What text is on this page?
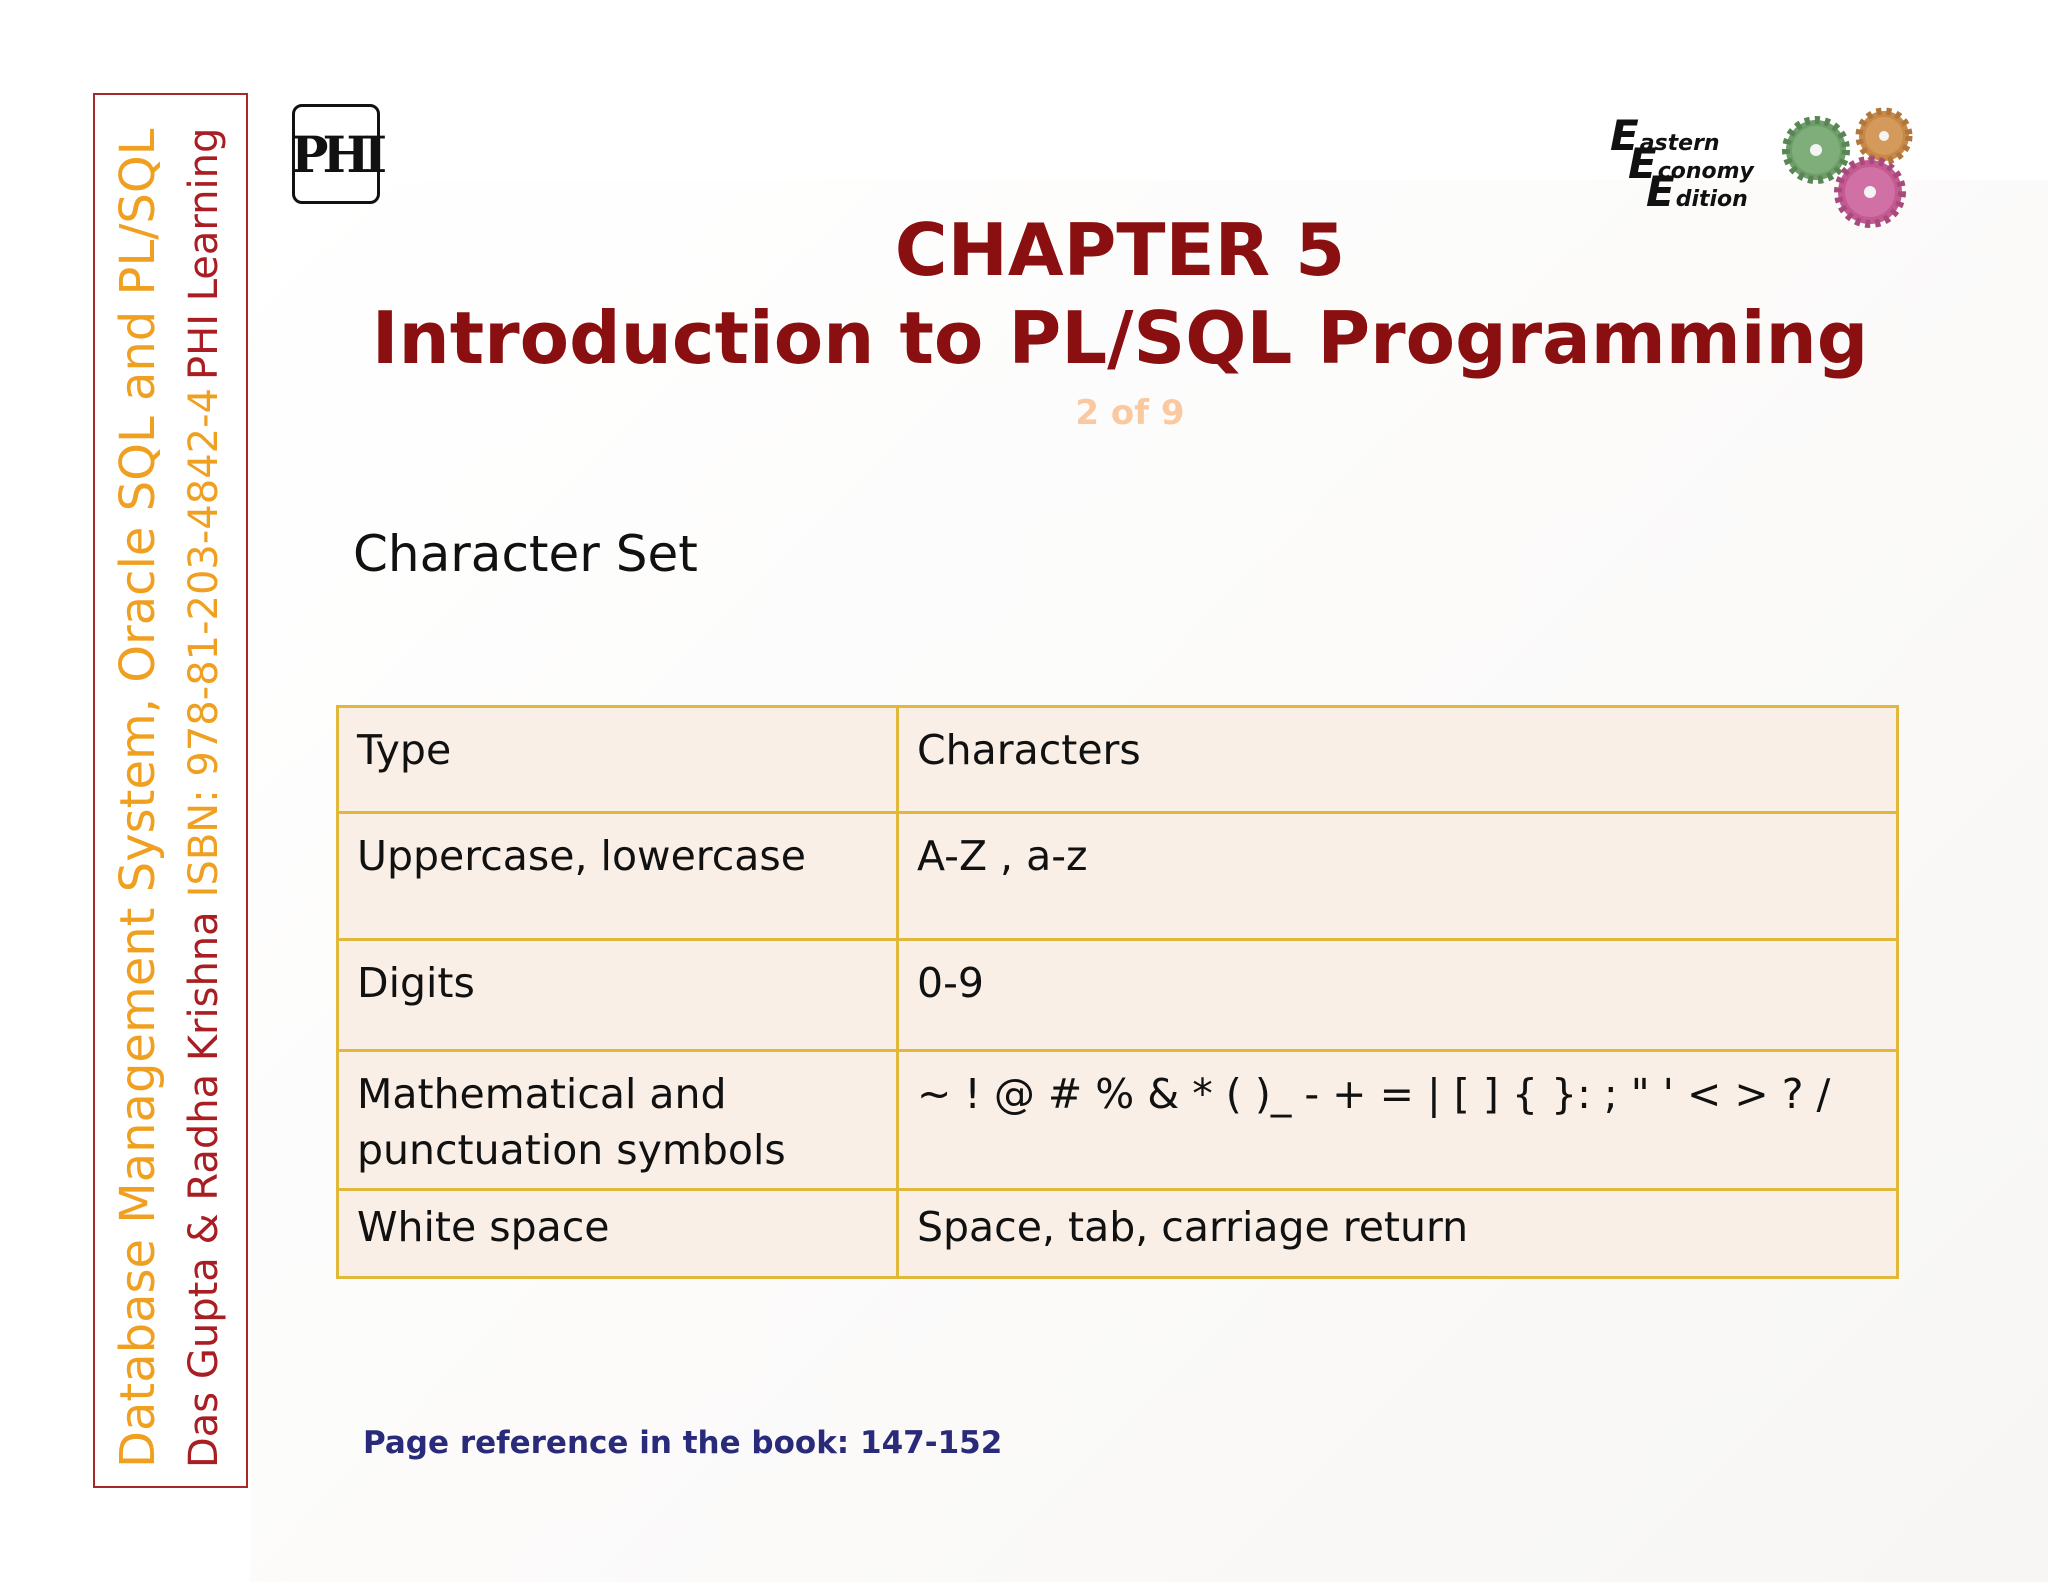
Database Management System, Oracle SQL and PL/SQL Das Gupta & Radha KrishnaISBN: 978-81-203-4842-4PHI Learning PHI	Eastern
Economy
Edition
CHAPTER 5
Introduction to PL/SQL Programming
2 of 9
Character Set
Type	Characters
Uppercase, lowercase	A-Z , a-z
Digits	0-9
Mathematical and punctuation symbols	~ ! @ # % & * ( )_ - + = | [ ] { }: ; " ' < > ? /
White space	Space, tab, carriage return
Page reference in the book: 147-152
